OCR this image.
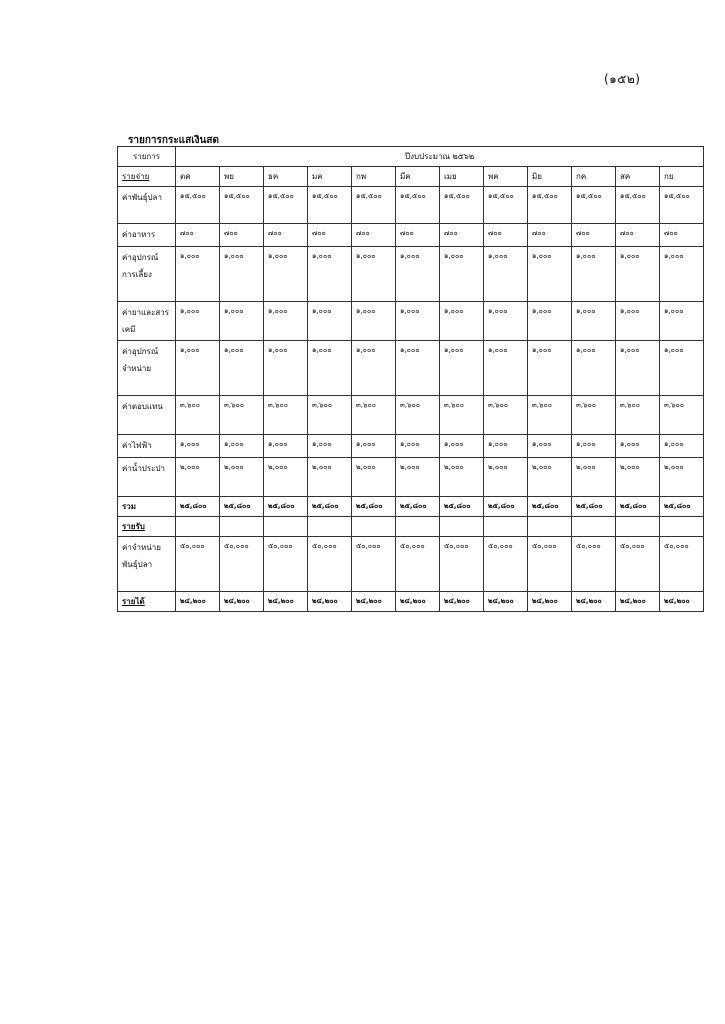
(๑๕๒)
รายการกระแสเงินสด
รายการ	ปีงบประมาณ ๒๕๖๒											
รายจ่าย	ตค	พย	ธค	มค	กพ	มีค	เมย	พค	มิย	กค	สค	กย
ค่าพันธุ์ปลา	๑๕,๕๐๐	๑๕,๕๐๐	๑๕,๕๐๐	๑๕,๕๐๐	๑๕,๕๐๐	๑๕,๕๐๐	๑๕,๕๐๐	๑๕,๕๐๐	๑๕,๕๐๐	๑๕,๕๐๐	๑๕,๕๐๐	๑๕,๕๐๐
ค่าอาหาร	๗๐๐	๗๐๐	๗๐๐	๗๐๐	๗๐๐	๗๐๐	๗๐๐	๗๐๐	๗๐๐	๗๐๐	๗๐๐	๗๐๐
ค่าอุปกรณ์การเลี้ยง	๑,๐๐๐	๑,๐๐๐	๑,๐๐๐	๑,๐๐๐	๑,๐๐๐	๑,๐๐๐	๑,๐๐๐	๑,๐๐๐	๑,๐๐๐	๑,๐๐๐	๑,๐๐๐	๑,๐๐๐
ค่ายาและสารเคมี	๑,๐๐๐	๑,๐๐๐	๑,๐๐๐	๑,๐๐๐	๑,๐๐๐	๑,๐๐๐	๑,๐๐๐	๑,๐๐๐	๑,๐๐๐	๑,๐๐๐	๑,๐๐๐	๑,๐๐๐
ค่าอุปกรณ์จำหน่าย	๑,๐๐๐	๑,๐๐๐	๑,๐๐๐	๑,๐๐๐	๑,๐๐๐	๑,๐๐๐	๑,๐๐๐	๑,๐๐๐	๑,๐๐๐	๑,๐๐๐	๑,๐๐๐	๑,๐๐๐
ค่าตอบแทน	๓,๖๐๐	๓,๖๐๐	๓,๖๐๐	๓,๖๐๐	๓,๖๐๐	๓,๖๐๐	๓,๖๐๐	๓,๖๐๐	๓,๖๐๐	๓,๖๐๐	๓,๖๐๐	๓,๖๐๐
ค่าไฟฟ้า	๑,๐๐๐	๑,๐๐๐	๑,๐๐๐	๑,๐๐๐	๑,๐๐๐	๑,๐๐๐	๑,๐๐๐	๑,๐๐๐	๑,๐๐๐	๑,๐๐๐	๑,๐๐๐	๑,๐๐๐
ค่าน้ำประปา	๒,๐๐๐	๒,๐๐๐	๒,๐๐๐	๒,๐๐๐	๒,๐๐๐	๒,๐๐๐	๒,๐๐๐	๒,๐๐๐	๒,๐๐๐	๒,๐๐๐	๒,๐๐๐	๒,๐๐๐
รวม	๒๕,๘๐๐	๒๕,๘๐๐	๒๕,๘๐๐	๒๕,๘๐๐	๒๕,๘๐๐	๒๕,๘๐๐	๒๕,๘๐๐	๒๕,๘๐๐	๒๕,๘๐๐	๒๕,๘๐๐	๒๕,๘๐๐	๒๕,๘๐๐
รายรับ												
ค่าจำหน่ายพันธุ์ปลา	๕๐,๐๐๐	๕๐,๐๐๐	๕๐,๐๐๐	๕๐,๐๐๐	๕๐,๐๐๐	๕๐,๐๐๐	๕๐,๐๐๐	๕๐,๐๐๐	๕๐,๐๐๐	๕๐,๐๐๐	๕๐,๐๐๐	๕๐,๐๐๐
รายได้	๒๔,๒๐๐	๒๔,๒๐๐	๒๔,๒๐๐	๒๔,๒๐๐	๒๔,๒๐๐	๒๔,๒๐๐	๒๔,๒๐๐	๒๔,๒๐๐	๒๔,๒๐๐	๒๔,๒๐๐	๒๔,๒๐๐	๒๔,๒๐๐
